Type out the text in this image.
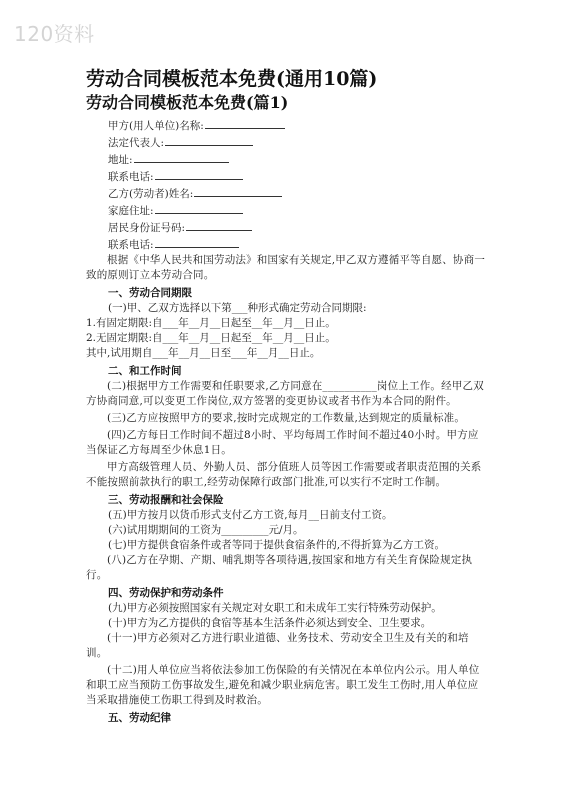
120资料
劳动合同模板范本免费(通用10篇)
劳动合同模板范本免费(篇1)
甲方(用人单位)名称:
法定代表人:
地址:
联系电话:
乙方(劳动者)姓名:
家庭住址:
居民身份证号码:
联系电话:

根据《中华人民共和国劳动法》和国家有关规定,甲乙双方遵循平等自愿、协商一致的原则订立本劳动合同。

一、劳动合同期限
(一)甲、乙双方选择以下第___种形式确定劳动合同期限:
1.有固定期限:自___年__月__日起至__年__月__日止。
2.无固定期限:自___年__月__日起至__年__月__日止。
其中,试用期自___年__月__日至___年__月__日止。
二、和工作时间

(二)根据甲方工作需要和任职要求,乙方同意在__________岗位上工作。经甲乙双方协商同意,可以变更工作岗位,双方签署的变更协议或者书作为本合同的附件。

(三)乙方应按照甲方的要求,按时完成规定的工作数量,达到规定的质量标准。

(四)乙方每日工作时间不超过8小时、平均每周工作时间不超过40小时。甲方应当保证乙方每周至少休息1日。

甲方高级管理人员、外勤人员、部分值班人员等因工作需要或者职责范围的关系不能按照前款执行的职工,经劳动保障行政部门批准,可以实行不定时工作制。

三、劳动报酬和社会保险
(五)甲方按月以货币形式支付乙方工资,每月__日前支付工资。
(六)试用期期间的工资为_________元/月。
(七)甲方提供食宿条件或者等同于提供食宿条件的,不得折算为乙方工资。

(八)乙方在孕期、产期、哺乳期等各项待遇,按国家和地方有关生育保险规定执行。

四、劳动保护和劳动条件
(九)甲方必须按照国家有关规定对女职工和未成年工实行特殊劳动保护。
(十)甲方为乙方提供的食宿等基本生活条件必须达到安全、卫生要求。

(十一)甲方必须对乙方进行职业道德、业务技术、劳动安全卫生及有关的和培训。

(十二)用人单位应当将依法参加工伤保险的有关情况在本单位内公示。用人单位和职工应当预防工伤事故发生,避免和减少职业病危害。职工发生工伤时,用人单位应当采取措施使工伤职工得到及时救治。

五、劳动纪律
